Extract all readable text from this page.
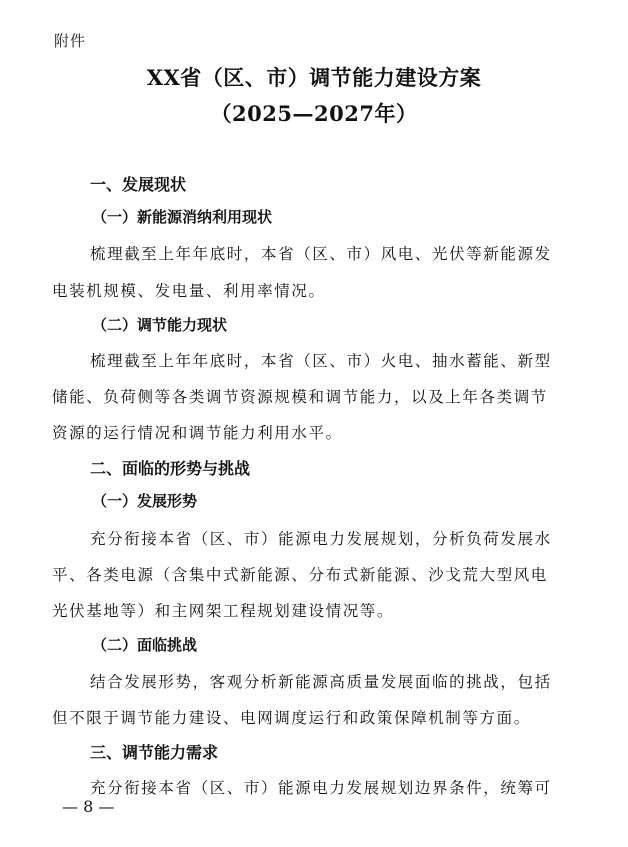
附件
XX省（区、市）调节能力建设方案
（2025—2027年）
一、发展现状
（一）新能源消纳利用现状
梳理截至上年年底时，本省（区、市）风电、光伏等新能源发
电装机规模、发电量、利用率情况。
（二）调节能力现状
梳理截至上年年底时，本省（区、市）火电、抽水蓄能、新型
储能、负荷侧等各类调节资源规模和调节能力，以及上年各类调节
资源的运行情况和调节能力利用水平。
二、面临的形势与挑战
（一）发展形势
充分衔接本省（区、市）能源电力发展规划，分析负荷发展水
平、各类电源（含集中式新能源、分布式新能源、沙戈荒大型风电
光伏基地等）和主网架工程规划建设情况等。
（二）面临挑战
结合发展形势，客观分析新能源高质量发展面临的挑战，包括
但不限于调节能力建设、电网调度运行和政策保障机制等方面。
三、调节能力需求
充分衔接本省（区、市）能源电力发展规划边界条件，统筹可
— 8 —
